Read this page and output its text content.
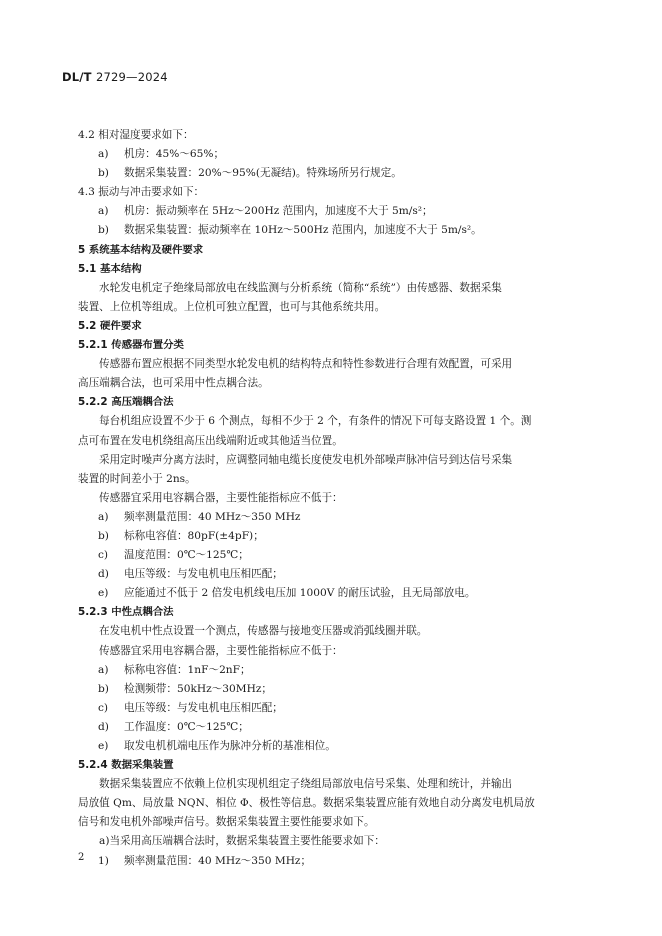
DL/T 2729—2024
4.2 相对湿度要求如下：
a) 机房：45%～65%；
b) 数据采集装置：20%～95%(无凝结)。特殊场所另行规定。
4.3 振动与冲击要求如下：
a) 机房：振动频率在 5Hz～200Hz 范围内，加速度不大于 5m/s²；
b) 数据采集装置：振动频率在 10Hz～500Hz 范围内，加速度不大于 5m/s²。
5 系统基本结构及硬件要求
5.1 基本结构
水轮发电机定子绝缘局部放电在线监测与分析系统（简称“系统”）由传感器、数据采集
装置、上位机等组成。上位机可独立配置，也可与其他系统共用。
5.2 硬件要求
5.2.1 传感器布置分类
传感器布置应根据不同类型水轮发电机的结构特点和特性参数进行合理有效配置，可采用
高压端耦合法，也可采用中性点耦合法。
5.2.2 高压端耦合法
每台机组应设置不少于 6 个测点，每相不少于 2 个，有条件的情况下可每支路设置 1 个。测
点可布置在发电机绕组高压出线端附近或其他适当位置。
采用定时噪声分离方法时，应调整同轴电缆长度使发电机外部噪声脉冲信号到达信号采集
装置的时间差小于 2ns。
传感器宜采用电容耦合器，主要性能指标应不低于：
a) 频率测量范围：40 MHz～350 MHz
b) 标称电容值：80pF(±4pF)；
c) 温度范围：0℃～125℃；
d) 电压等级：与发电机电压相匹配；
e) 应能通过不低于 2 倍发电机线电压加 1000V 的耐压试验，且无局部放电。
5.2.3 中性点耦合法
在发电机中性点设置一个测点，传感器与接地变压器或消弧线圈并联。
传感器宜采用电容耦合器，主要性能指标应不低于：
a) 标称电容值：1nF～2nF；
b) 检测频带：50kHz～30MHz；
c) 电压等级：与发电机电压相匹配；
d) 工作温度：0℃～125℃；
e) 取发电机机端电压作为脉冲分析的基准相位。
5.2.4 数据采集装置
数据采集装置应不依赖上位机实现机组定子绕组局部放电信号采集、处理和统计，并输出
局放值 Qm、局放量 NQN、相位 Φ、极性等信息。数据采集装置应能有效地自动分离发电机局放
信号和发电机外部噪声信号。数据采集装置主要性能要求如下。
a)当采用高压端耦合法时，数据采集装置主要性能要求如下：
1) 频率测量范围：40 MHz～350 MHz；
2
